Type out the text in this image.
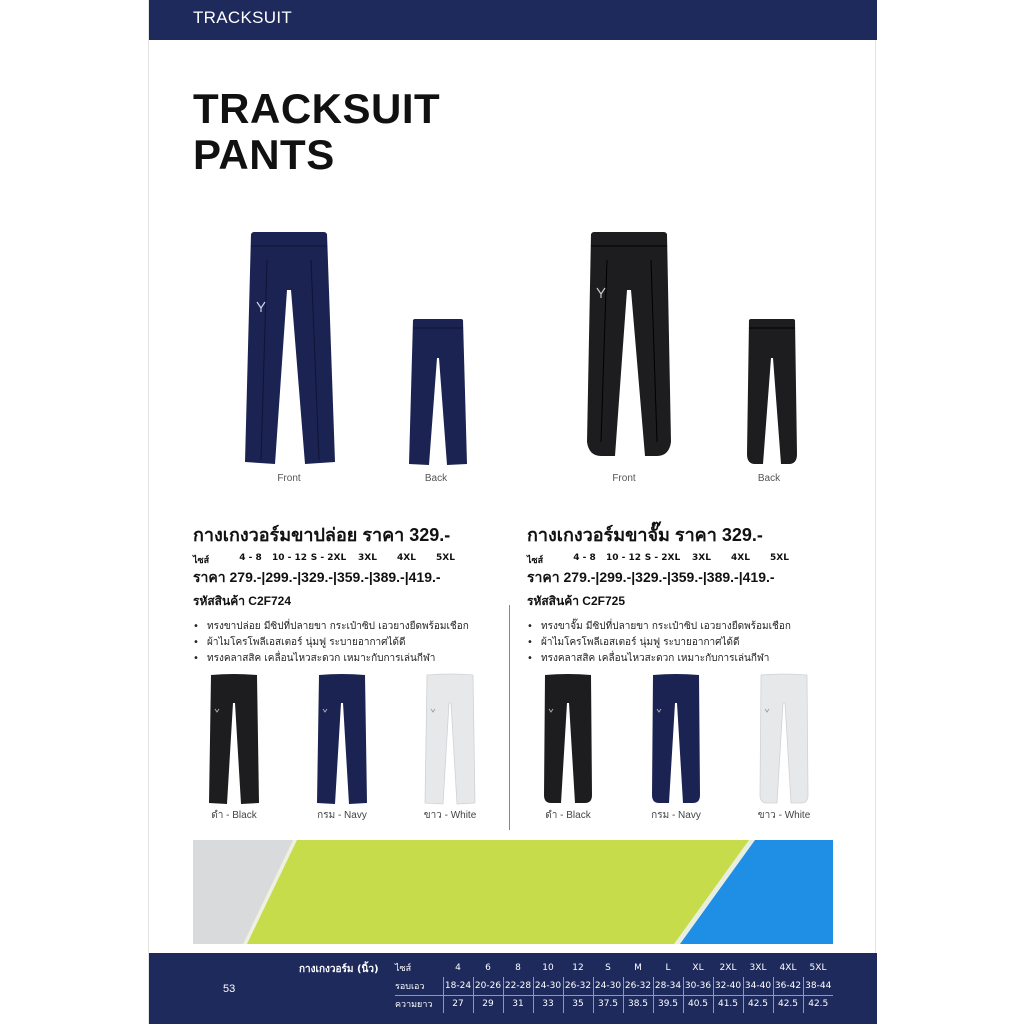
TRACKSUIT
TRACKSUIT
PANTS
Front	Back	Front	Back
กางเกงวอร์มขาปล่อย ราคา 329.-
ไซส์	4 - 8	10 - 12 S - 2XL	3XL	4XL	5XL
ราคา 279.-|299.-|329.-|359.-|389.-|419.-
รหัสสินค้า C2F724
• ทรงขาปล่อย มีซิปที่ปลายขา กระเป๋าซิป เอวยางยืดพร้อมเชือก
• ผ้าไมโครโพลีเอสเตอร์ นุ่มฟู ระบายอากาศได้ดี
• ทรงคลาสสิค เคลื่อนไหวสะดวก เหมาะกับการเล่นกีฬา
กางเกงวอร์มขาจั๊ม ราคา 329.-
ไซส์	4 - 8	10 - 12 S - 2XL	3XL	4XL	5XL
ราคา 279.-|299.-|329.-|359.-|389.-|419.-
รหัสสินค้า C2F725
• ทรงขาจั๊ม มีซิปที่ปลายขา กระเป๋าซิป เอวยางยืดพร้อมเชือก
• ผ้าไมโครโพลีเอสเตอร์ นุ่มฟู ระบายอากาศได้ดี
• ทรงคลาสสิค เคลื่อนไหวสะดวก เหมาะกับการเล่นกีฬา
ดำ - Black	กรม - Navy	ขาว - White	ดำ - Black	กรม - Navy	ขาว - White
53
กางเกงวอร์ม (นิ้ว) ไซส์	4	6	8	10	12	S	M	L	XL	2XL	3XL	4XL	5XL
รอบเอว	18-24	20-26	22-28	24-30	26-32	24-30	26-32	28-34	30-36	32-40	34-40	36-42	38-44
ความยาว	27	29	31	33	35	37.5	38.5	39.5	40.5	41.5	42.5	42.5	42.5
